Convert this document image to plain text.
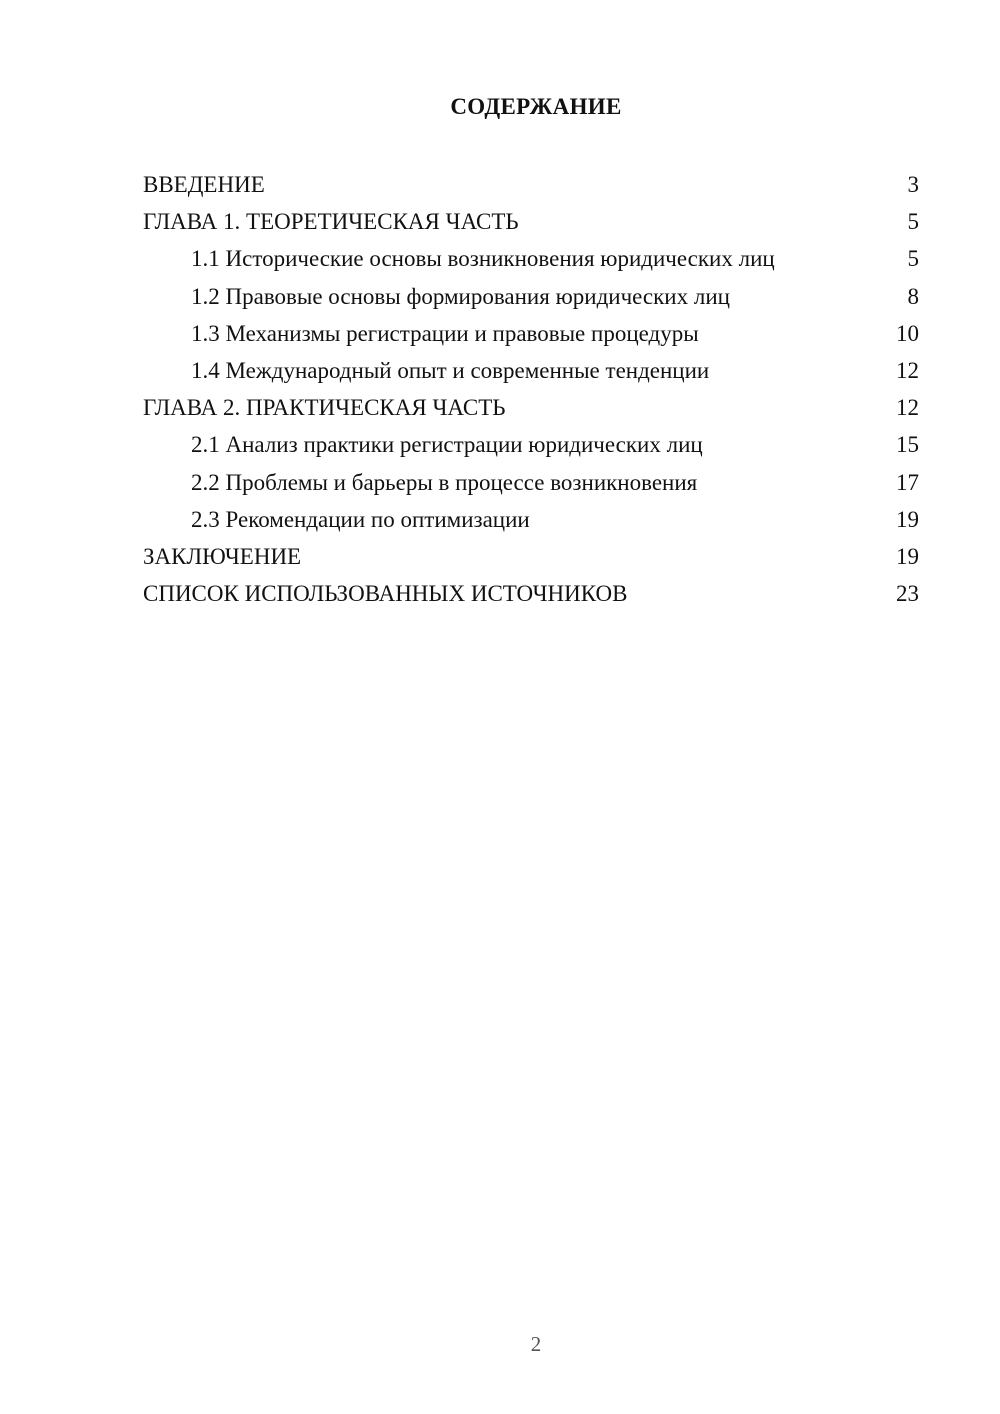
СОДЕРЖАНИЕ
ВВЕДЕНИЕ	3
ГЛАВА 1. ТЕОРЕТИЧЕСКАЯ ЧАСТЬ	5
1.1 Исторические основы возникновения юридических лиц	5
1.2 Правовые основы формирования юридических лиц	8
1.3 Механизмы регистрации и правовые процедуры	10
1.4 Международный опыт и современные тенденции	12
ГЛАВА 2. ПРАКТИЧЕСКАЯ ЧАСТЬ	12
2.1 Анализ практики регистрации юридических лиц	15
2.2 Проблемы и барьеры в процессе возникновения	17
2.3 Рекомендации по оптимизации	19
ЗАКЛЮЧЕНИЕ	19
СПИСОК ИСПОЛЬЗОВАННЫХ ИСТОЧНИКОВ	23
2
